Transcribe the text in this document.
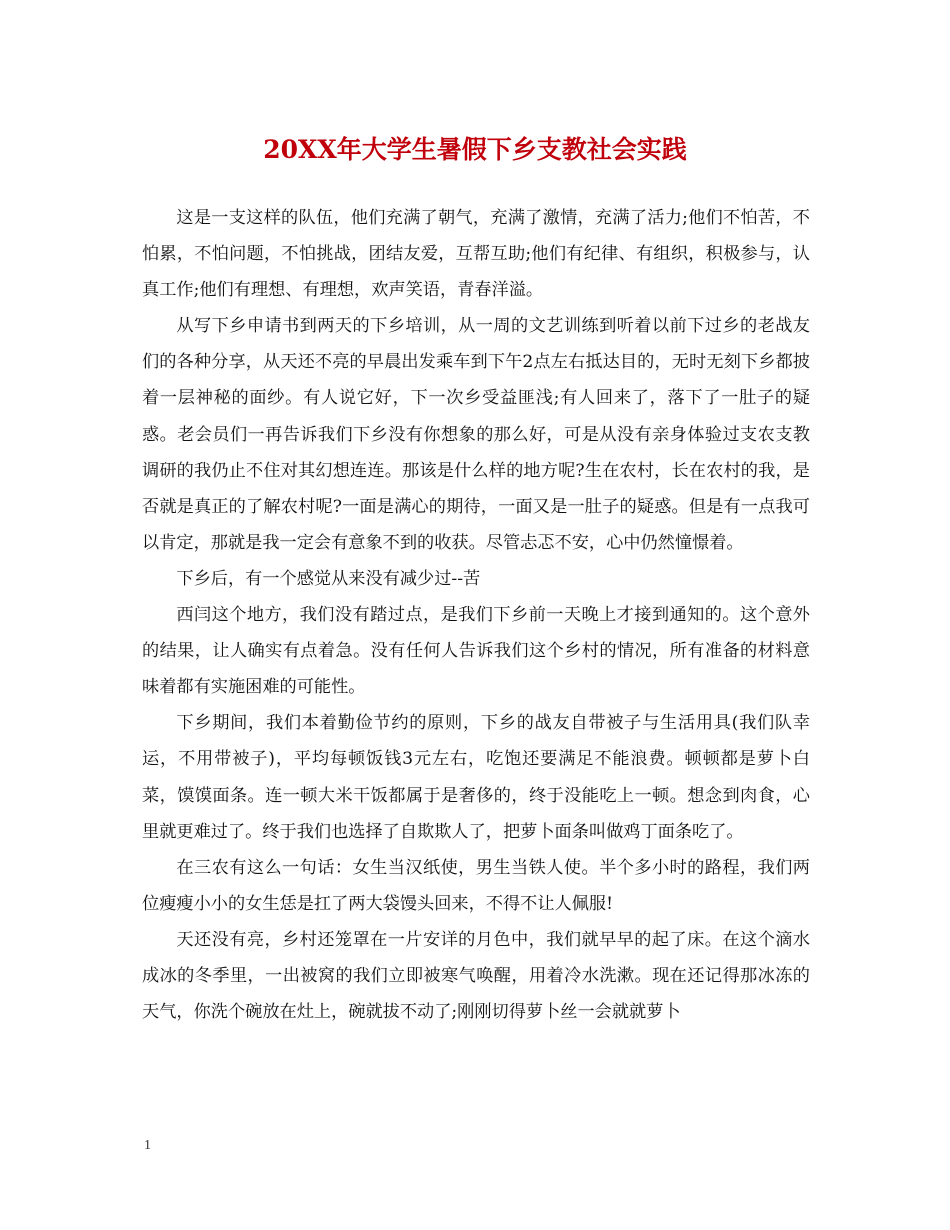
20XX年大学生暑假下乡支教社会实践

这是一支这样的队伍，他们充满了朝气，充满了激情，充满了活力;他们不怕苦，不怕累，不怕问题，不怕挑战，团结友爱，互帮互助;他们有纪律、有组织，积极参与，认真工作;他们有理想、有理想，欢声笑语，青春洋溢。

从写下乡申请书到两天的下乡培训，从一周的文艺训练到听着以前下过乡的老战友们的各种分享，从天还不亮的早晨出发乘车到下午2点左右抵达目的，无时无刻下乡都披着一层神秘的面纱。有人说它好，下一次乡受益匪浅;有人回来了，落下了一肚子的疑惑。老会员们一再告诉我们下乡没有你想象的那么好，可是从没有亲身体验过支农支教调研的我仍止不住对其幻想连连。那该是什么样的地方呢?生在农村，长在农村的我，是否就是真正的了解农村呢?一面是满心的期待，一面又是一肚子的疑惑。但是有一点我可以肯定，那就是我一定会有意象不到的收获。尽管忐忑不安，心中仍然憧憬着。

下乡后，有一个感觉从来没有减少过--苦

西闫这个地方，我们没有踏过点，是我们下乡前一天晚上才接到通知的。这个意外的结果，让人确实有点着急。没有任何人告诉我们这个乡村的情况，所有准备的材料意味着都有实施困难的可能性。

下乡期间，我们本着勤俭节约的原则，下乡的战友自带被子与生活用具(我们队幸运，不用带被子)，平均每顿饭钱3元左右，吃饱还要满足不能浪费。顿顿都是萝卜白菜，馍馍面条。连一顿大米干饭都属于是奢侈的，终于没能吃上一顿。想念到肉食，心里就更难过了。终于我们也选择了自欺欺人了，把萝卜面条叫做鸡丁面条吃了。

在三农有这么一句话：女生当汉纸使，男生当铁人使。半个多小时的路程，我们两位瘦瘦小小的女生恁是扛了两大袋馒头回来，不得不让人佩服!

天还没有亮，乡村还笼罩在一片安详的月色中，我们就早早的起了床。在这个滴水成冰的冬季里，一出被窝的我们立即被寒气唤醒，用着冷水洗漱。现在还记得那冰冻的天气，你洗个碗放在灶上，碗就拔不动了;刚刚切得萝卜丝一会就就萝卜

1
